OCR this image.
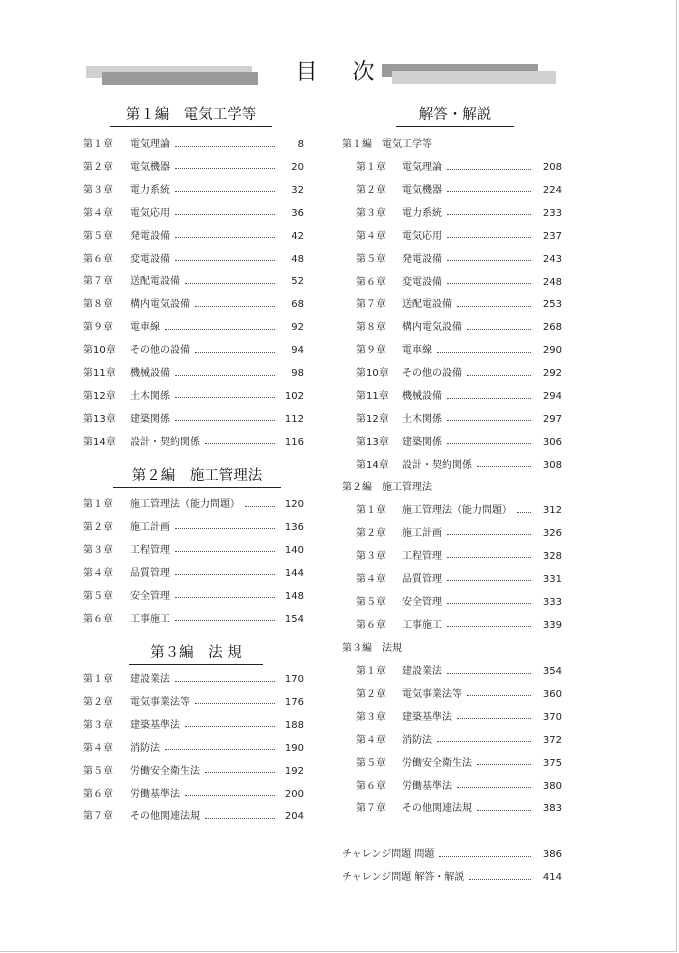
目 次
第１編　電気工学等
第２編　施工管理法
第３編　法 規
解答・解説
第１章	電気理論	8
第２章	電気機器	20
第３章	電力系統	32
第４章	電気応用	36
第５章	発電設備	42
第６章	変電設備	48
第７章	送配電設備	52
第８章	構内電気設備	68
第９章	電車線	92
第10章	その他の設備	94
第11章	機械設備	98
第12章	土木関係	102
第13章	建築関係	112
第14章	設計・契約関係	116
第１章	施工管理法（能力問題）	120
第２章	施工計画	136
第３章	工程管理	140
第４章	品質管理	144
第５章	安全管理	148
第６章	工事施工	154
第１章	建設業法	170
第２章	電気事業法等	176
第３章	建築基準法	188
第４章	消防法	190
第５章	労働安全衛生法	192
第６章	労働基準法	200
第７章	その他関連法規	204
第１編　電気工学等
第１章	電気理論	208
第２章	電気機器	224
第３章	電力系統	233
第４章	電気応用	237
第５章	発電設備	243
第６章	変電設備	248
第７章	送配電設備	253
第８章	構内電気設備	268
第９章	電車線	290
第10章	その他の設備	292
第11章	機械設備	294
第12章	土木関係	297
第13章	建築関係	306
第14章	設計・契約関係	308
第２編　施工管理法
第１章	施工管理法（能力問題）	312
第２章	施工計画	326
第３章	工程管理	328
第４章	品質管理	331
第５章	安全管理	333
第６章	工事施工	339
第３編　法規
第１章	建設業法	354
第２章	電気事業法等	360
第３章	建築基準法	370
第４章	消防法	372
第５章	労働安全衛生法	375
第６章	労働基準法	380
第７章	その他関連法規	383
チャレンジ問題 問題	386
チャレンジ問題 解答・解説	414
